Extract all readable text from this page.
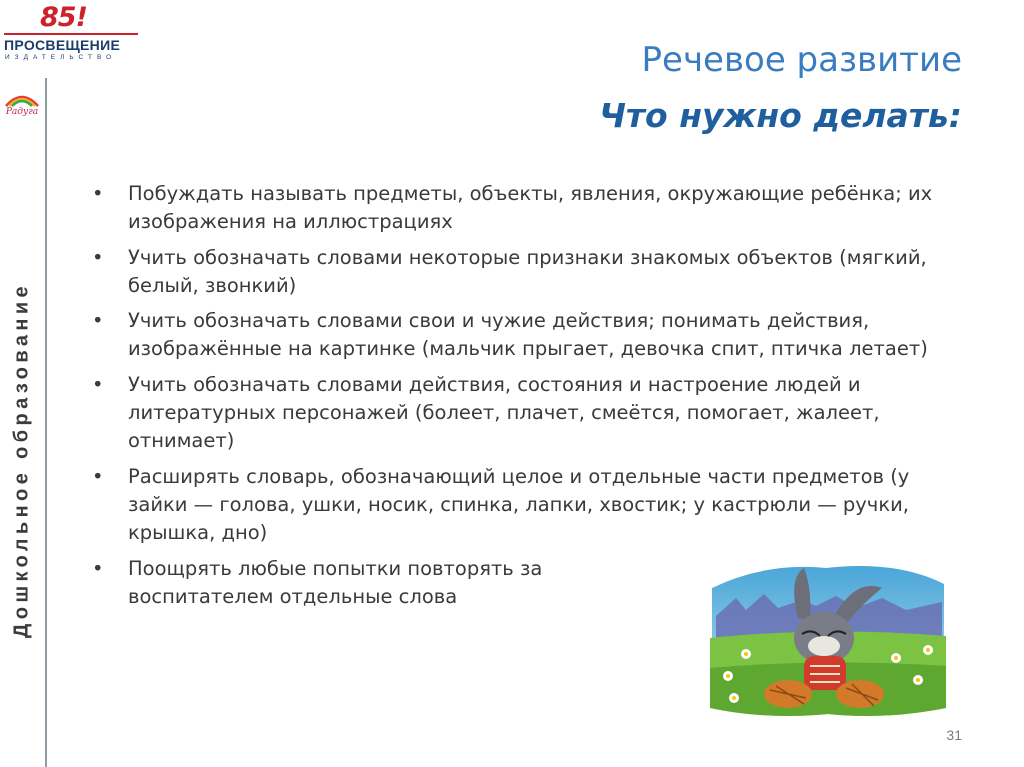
85!
ПРОСВЕЩЕНИЕ
ИЗДАТЕЛЬСТВО
Радуга
Дошкольное образование
Речевое развитие
Что нужно делать:
• Побуждать называть предметы, объекты, явления, окружающие ребёнка; их изображения на иллюстрациях
• Учить обозначать словами некоторые признаки знакомых объектов (мягкий, белый, звонкий)
• Учить обозначать словами свои и чужие действия; понимать действия, изображённые на картинке (мальчик прыгает, девочка спит, птичка летает)
• Учить обозначать словами действия, состояния и настроение людей и литературных персонажей (болеет, плачет, смеётся, помогает, жалеет, отнимает)
• Расширять словарь, обозначающий целое и отдельные части предметов (у зайки — голова, ушки, носик, спинка, лапки, хвостик; у кастрюли — ручки, крышка, дно)
• Поощрять любые попытки повторять за воспитателем отдельные слова
31
